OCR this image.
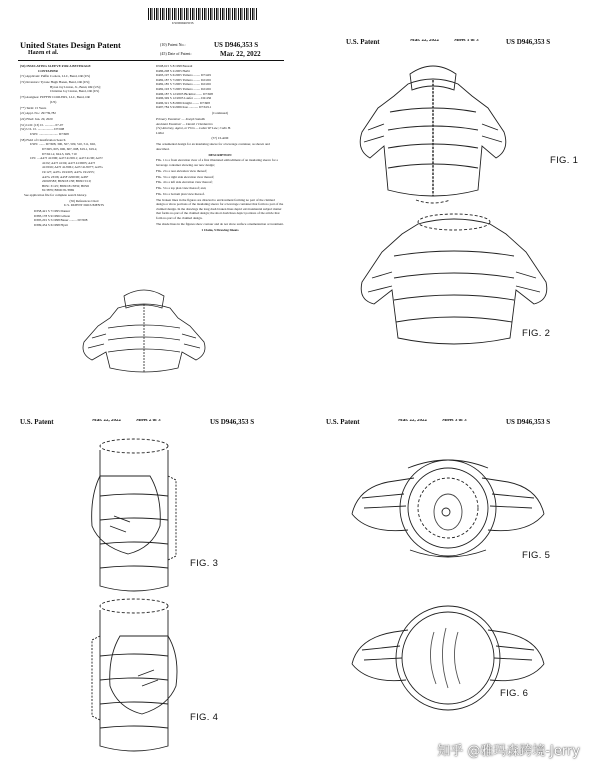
US00D946353S
United States Design Patent
Hazen et al.
(10) Patent No.:	US D946,353 S
(45) Date of Patent:	Mar. 22, 2022

(54) INSULATING SLEEVE FOR A BEVERAGE
CONTAINER

(71) Applicant: Puffin Coolers, LLC, Bend, OR (US)

(72) Inventors: Tyrone Hugh Hazen, Bend, OR (US);
Byron Jay Linton, Jr., Bend, OR (US);
Christina Joy Linton, Bend, OR (US)

(73) Assignee: PUFFIN COOLERS, LLC, Bend, OR
(US)

(**) Term: 15 Years

(21) Appl. No.: 29/739,782

(22) Filed: Jun. 29, 2020

(51) LOC (13) Cl. ............ 07-07
(52) U.S. Cl. ................... D7/608
USPC ....................... D7/608

(58) Field of Classification Search
USPC ....... D7/608, 300, 507, 509, 510, 511, 602,
D7/605, 605, 606, 607, 608, 619.1, 619.2,
D7/621.2, 624.3, 629, 710
CPC ... A47J 41/006; A47J 41/0011; A47J 41/00; A47J
41/02; A47J 41/04; A47J 41/0005; A47J
41/0016; A47J 41/0061; A47J 41/0077; A47G
19/127; A47G 19/2205; A47G 19/2255;
A47G 23/06; A45F 2200/00; A45F
2200/0583; B65D 81/38; B65D 5/10;
B65C 3/125; B65D 81/3832; B65D
81/3879; B65D 81/3869
See application file for complete search history.

(56) References Cited
U.S. PATENT DOCUMENTS

D358,421 S 7/1995 Danzer
D383,178 S 9/1996 Gibson
D395,201 S 5/1998 Bauer ......... D7/608
D399,454 S 6/1998 Hyatt

D508,615 S 8/1998 Bansalt
D486,208 S 2/2005 Herbt
D493,197 S 6/2005 Yamaro ........ D7/429
D482,187 S 7/2005 Yamaro ........ D2/456
D482,185 S 7/2005 Yamaro ........ D2/456
D482,193 S 7/2005 Yamaro ........ D2/456
D496,187 S 12/2005 Bickmot ....... D7/608
D496,349 S 12/2005 Laufer ........ D2/456
D496,321 S 8/2006 Knight ........ D7/608
D497,784 S 9/2006 Kuo ........... D7/619.1

(Continued)

Primary Examiner — Joseph Sokolik
Assistant Examiner — Daniel J Dunbarton
(74) Attorney, Agent, or Firm — Labor IP Law; Colin H.
Lilbut

(57) CLAIM

The ornamental design for an insulating sleeve for a beverage container, as shown and described.

DESCRIPTION

FIG. 1 is a front elevation view of a first illustrated embodiment of an insulating sleeve for a beverage container showing our new design;

FIG. 2 is a rear elevation view thereof;

FIG. 3 is a right side elevation view thereof;

FIG. 4 is a left side elevation view thereof;

FIG. 5 is a top plan view thereof; and,

FIG. 6 is a bottom plan view thereof.

The broken lines in the figures are directed to environment forming no part of the claimed design or show portions of the insulating sleeve for a beverage container that form no part of the claimed design. In the drawings the long dash broken lines depict environmental subject matter that forms no part of the claimed design; the short dash lines depict portions of the article that form no part of the claimed design.

The shade lines in the figures show contour and do not show surface ornamentation or treatment.

1 Claim, 5 Drawing Sheets

U.S. Patent	Mar. 22, 2022	Sheet 1 of 3	US D946,353 S
FIG. 1
FIG. 2
U.S. Patent	Mar. 22, 2022	Sheet 2 of 3	US D946,353 S
FIG. 3
FIG. 4
U.S. Patent	Mar. 22, 2022	Sheet 3 of 3	US D946,353 S
FIG. 5
FIG. 6
知乎 @雅玛森跨境-Jerry
